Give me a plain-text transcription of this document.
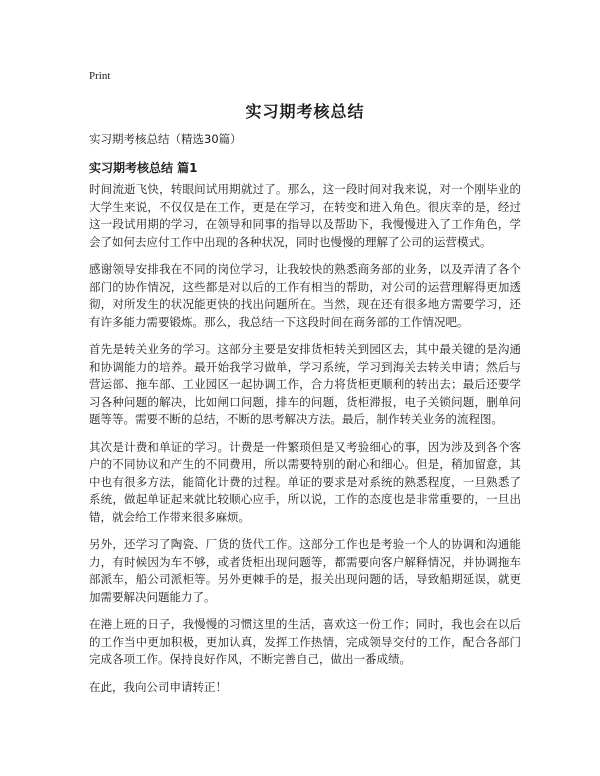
Print
实习期考核总结
实习期考核总结（精选30篇）
实习期考核总结 篇1

时间流逝飞快，转眼间试用期就过了。那么，这一段时间对我来说，对一个刚毕业的大学生来说，不仅仅是在工作，更是在学习，在转变和进入角色。很庆幸的是，经过这一段试用期的学习，在领导和同事的指导以及帮助下，我慢慢进入了工作角色，学会了如何去应付工作中出现的各种状况，同时也慢慢的理解了公司的运营模式。

感谢领导安排我在不同的岗位学习，让我较快的熟悉商务部的业务，以及弄清了各个部门的协作情况，这些都是对以后的工作有相当的帮助，对公司的运营理解得更加透彻，对所发生的状况能更快的找出问题所在。当然，现在还有很多地方需要学习，还有许多能力需要锻炼。那么，我总结一下这段时间在商务部的工作情况吧。

首先是转关业务的学习。这部分主要是安排货柜转关到园区去，其中最关键的是沟通和协调能力的培养。最开始我学习做单，学习系统，学习到海关去转关申请；然后与营运部、拖车部、工业园区一起协调工作，合力将货柜更顺利的转出去；最后还要学习各种问题的解决，比如闸口问题，排车的问题，货柜滞报，电子关锁问题，删单问题等等。需要不断的总结，不断的思考解决方法。最后，制作转关业务的流程图。

其次是计费和单证的学习。计费是一件繁琐但是又考验细心的事，因为涉及到各个客户的不同协议和产生的不同费用，所以需要特别的耐心和细心。但是，稍加留意，其中也有很多方法，能简化计费的过程。单证的要求是对系统的熟悉程度，一旦熟悉了系统，做起单证起来就比较顺心应手，所以说，工作的态度也是非常重要的，一旦出错，就会给工作带来很多麻烦。

另外，还学习了陶瓷、厂货的货代工作。这部分工作也是考验一个人的协调和沟通能力，有时候因为车不够，或者货柜出现问题等，都需要向客户解释情况，并协调拖车部派车，船公司派柜等。另外更棘手的是，报关出现问题的话，导致船期延误，就更加需要解决问题能力了。

在港上班的日子，我慢慢的习惯这里的生活，喜欢这一份工作；同时，我也会在以后的工作当中更加积极，更加认真，发挥工作热情，完成领导交付的工作，配合各部门完成各项工作。保持良好作风，不断完善自己，做出一番成绩。

在此，我向公司申请转正！
